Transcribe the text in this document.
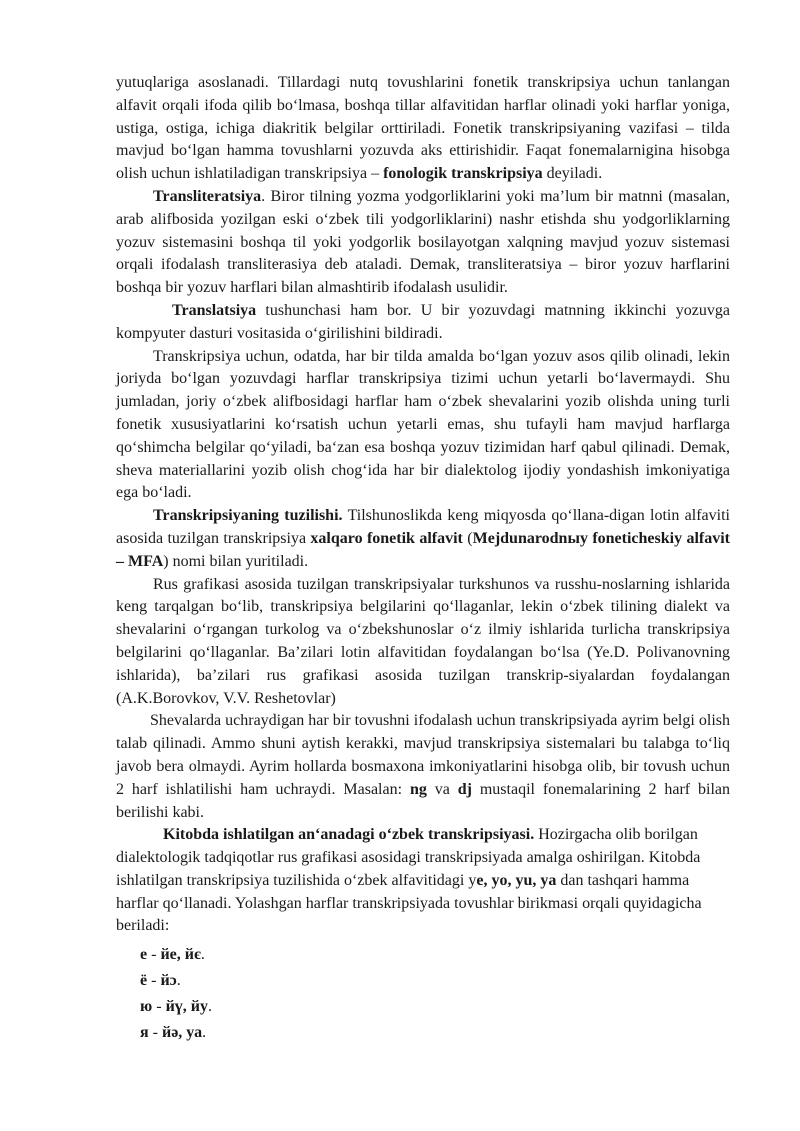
yutuqlariga asoslanadi. Tillardagi nutq tovushlarini fonetik transkripsiya uchun tanlangan alfavit orqali ifoda qilib bo‘lmasa, boshqa tillar alfavitidan harflar olinadi yoki harflar yoniga, ustiga, ostiga, ichiga diakritik belgilar orttiriladi. Fonetik transkripsiyaning vazifasi – tilda mavjud bo‘lgan hamma tovushlarni yozuvda aks ettirishidir. Faqat fonemalarnigina hisobga olish uchun ishlatiladigan transkripsiya – fonologik transkripsiya deyiladi.

Transliteratsiya. Biror tilning yozma yodgorliklarini yoki ma’lum bir matnni (masalan, arab alifbosida yozilgan eski o‘zbek tili yodgorliklarini) nashr etishda shu yodgorliklarning yozuv sistemasini boshqa til yoki yodgorlik bosilayotgan xalqning mavjud yozuv sistemasi orqali ifodalash transliterasiya deb ataladi. Demak, transliteratsiya – biror yozuv harflarini boshqa bir yozuv harflari bilan almashtirib ifodalash usulidir.

Translatsiya tushunchasi ham bor. U bir yozuvdagi matnning ikkinchi yozuvga kompyuter dasturi vositasida o‘girilishini bildiradi.

Transkripsiya uchun, odatda, har bir tilda amalda bo‘lgan yozuv asos qilib olinadi, lekin joriyda bo‘lgan yozuvdagi harflar transkripsiya tizimi uchun yetarli bo‘lavermaydi. Shu jumladan, joriy o‘zbek alifbosidagi harflar ham o‘zbek shevalarini yozib olishda uning turli fonetik xususiyatlarini ko‘rsatish uchun yetarli emas, shu tufayli ham mavjud harflarga qo‘shimcha belgilar qo‘yiladi, ba‘zan esa boshqa yozuv tizimidan harf qabul qilinadi. Demak, sheva materiallarini yozib olish chog‘ida har bir dialektolog ijodiy yondashish imkoniyatiga ega bo‘ladi.

Transkripsiyaning tuzilishi. Tilshunoslikda keng miqyosda qo‘llana-digan lotin alfaviti asosida tuzilgan transkripsiya xalqaro fonetik alfavit (Mejdunarodnыy foneticheskiy alfavit – MFA) nomi bilan yuritiladi.

Rus grafikasi asosida tuzilgan transkripsiyalar turkshunos va russhu-noslarning ishlarida keng tarqalgan bo‘lib, transkripsiya belgilarini qo‘llaganlar, lekin o‘zbek tilining dialekt va shevalarini o‘rgangan turkolog va o‘zbekshunoslar o‘z ilmiy ishlarida turlicha transkripsiya belgilarini qo‘llaganlar. Ba’zilari lotin alfavitidan foydalangan bo‘lsa (Ye.D. Polivanovning ishlarida), ba’zilari rus grafikasi asosida tuzilgan transkrip-siyalardan foydalangan (A.K.Borovkov, V.V. Reshetovlar)

Shevalarda uchraydigan har bir tovushni ifodalash uchun transkripsiyada ayrim belgi olish talab qilinadi. Ammo shuni aytish kerakki, mavjud transkripsiya sistemalari bu talabga to‘liq javob bera olmaydi. Ayrim hollarda bosmaxona imkoniyatlarini hisobga olib, bir tovush uchun 2 harf ishlatilishi ham uchraydi. Masalan: ng va dj mustaqil fonemalarining 2 harf bilan berilishi kabi.

Kitobda ishlatilgan an‘anadagi o‘zbek transkripsiyasi. Hozirgacha olib borilgan dialektologik tadqiqotlar rus grafikasi asosidagi transkripsiyada amalga oshirilgan. Kitobda ishlatilgan transkripsiya tuzilishida o‘zbek alfavitidagi ye, yo, yu, ya dan tashqari hamma harflar qo‘llanadi. Yolashgan harflar transkripsiyada tovushlar birikmasi orqali quyidagicha beriladi:

е - йе, йє.

ё - йɔ.

ю - йү, йу.

я - йә, уа.
